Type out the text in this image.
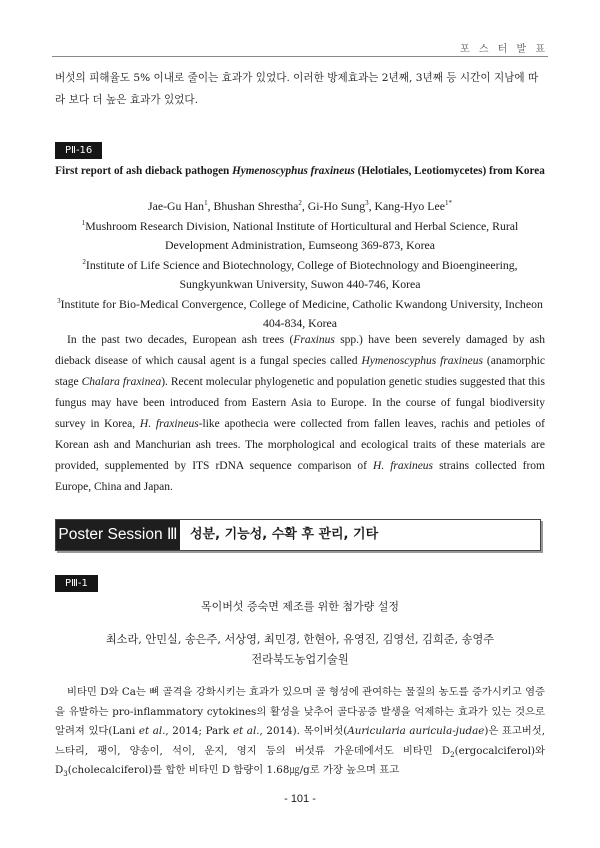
포 스 터 발 표

버섯의 피해율도 5% 이내로 줄이는 효과가 있었다. 이러한 방제효과는 2년째, 3년째 등 시간이 지남에 따라 보다 더 높은 효과가 있었다.

PⅡ-16
First report of ash dieback pathogen Hymenoscyphus fraxineus (Helotiales, Leotiomycetes) from Korea

Jae-Gu Han$^1$, Bhushan Shrestha$^2$, Gi-Ho Sung$^3$, Kang-Hyo Lee$^{1*}$

$^1$Mushroom Research Division, National Institute of Horticultural and Herbal Science, Rural

Development Administration, Eumseong 369-873, Korea

$^2$Institute of Life Science and Biotechnology, College of Biotechnology and Bioengineering,

Sungkyunkwan University, Suwon 440-746, Korea

$^3$Institute for Bio-Medical Convergence, College of Medicine, Catholic Kwandong University, Incheon

404-834, Korea

In the past two decades, European ash trees (Fraxinus spp.) have been severely damaged by ash dieback disease of which causal agent is a fungal species called Hymenoscyphus fraxineus (anamorphic stage Chalara fraxinea). Recent molecular phylogenetic and population genetic studies suggested that this fungus may have been introduced from Eastern Asia to Europe. In the course of fungal biodiversity survey in Korea, H. fraxineus-like apothecia were collected from fallen leaves, rachis and petioles of Korean ash and Manchurian ash trees. The morphological and ecological traits of these materials are provided, supplemented by ITS rDNA sequence comparison of H. fraxineus strains collected from Europe, China and Japan.

Poster Session Ⅲ 성분, 기능성, 수확 후 관리, 기타
PⅢ-1
목이버섯 증숙면 제조를 위한 첨가량 설정

최소라, 안민실, 송은주, 서상영, 최민경, 한현아, 유영진, 김영선, 김희준, 송영주

전라북도농업기술원

비타민 D와 Ca는 뼈 골격을 강화시키는 효과가 있으며 골 형성에 관여하는 물질의 농도를 증가시키고 염증을 유발하는 pro-inflammatory cytokines의 활성을 낮추어 골다공증 발생을 억제하는 효과가 있는 것으로 알려져 있다(Lani et al., 2014; Park et al., 2014). 목이버섯(Auricularia auricula-judae)은 표고버섯, 느타리, 팽이, 양송이, 석이, 운지, 영지 등의 버섯류 가운데에서도 비타민 $D_2(ergocalciferol)$와 $D_3(cholecalciferol)$를 합한 비타민 D 함량이 1.68㎍/g로 가장 높으며 표고

- 101 -
